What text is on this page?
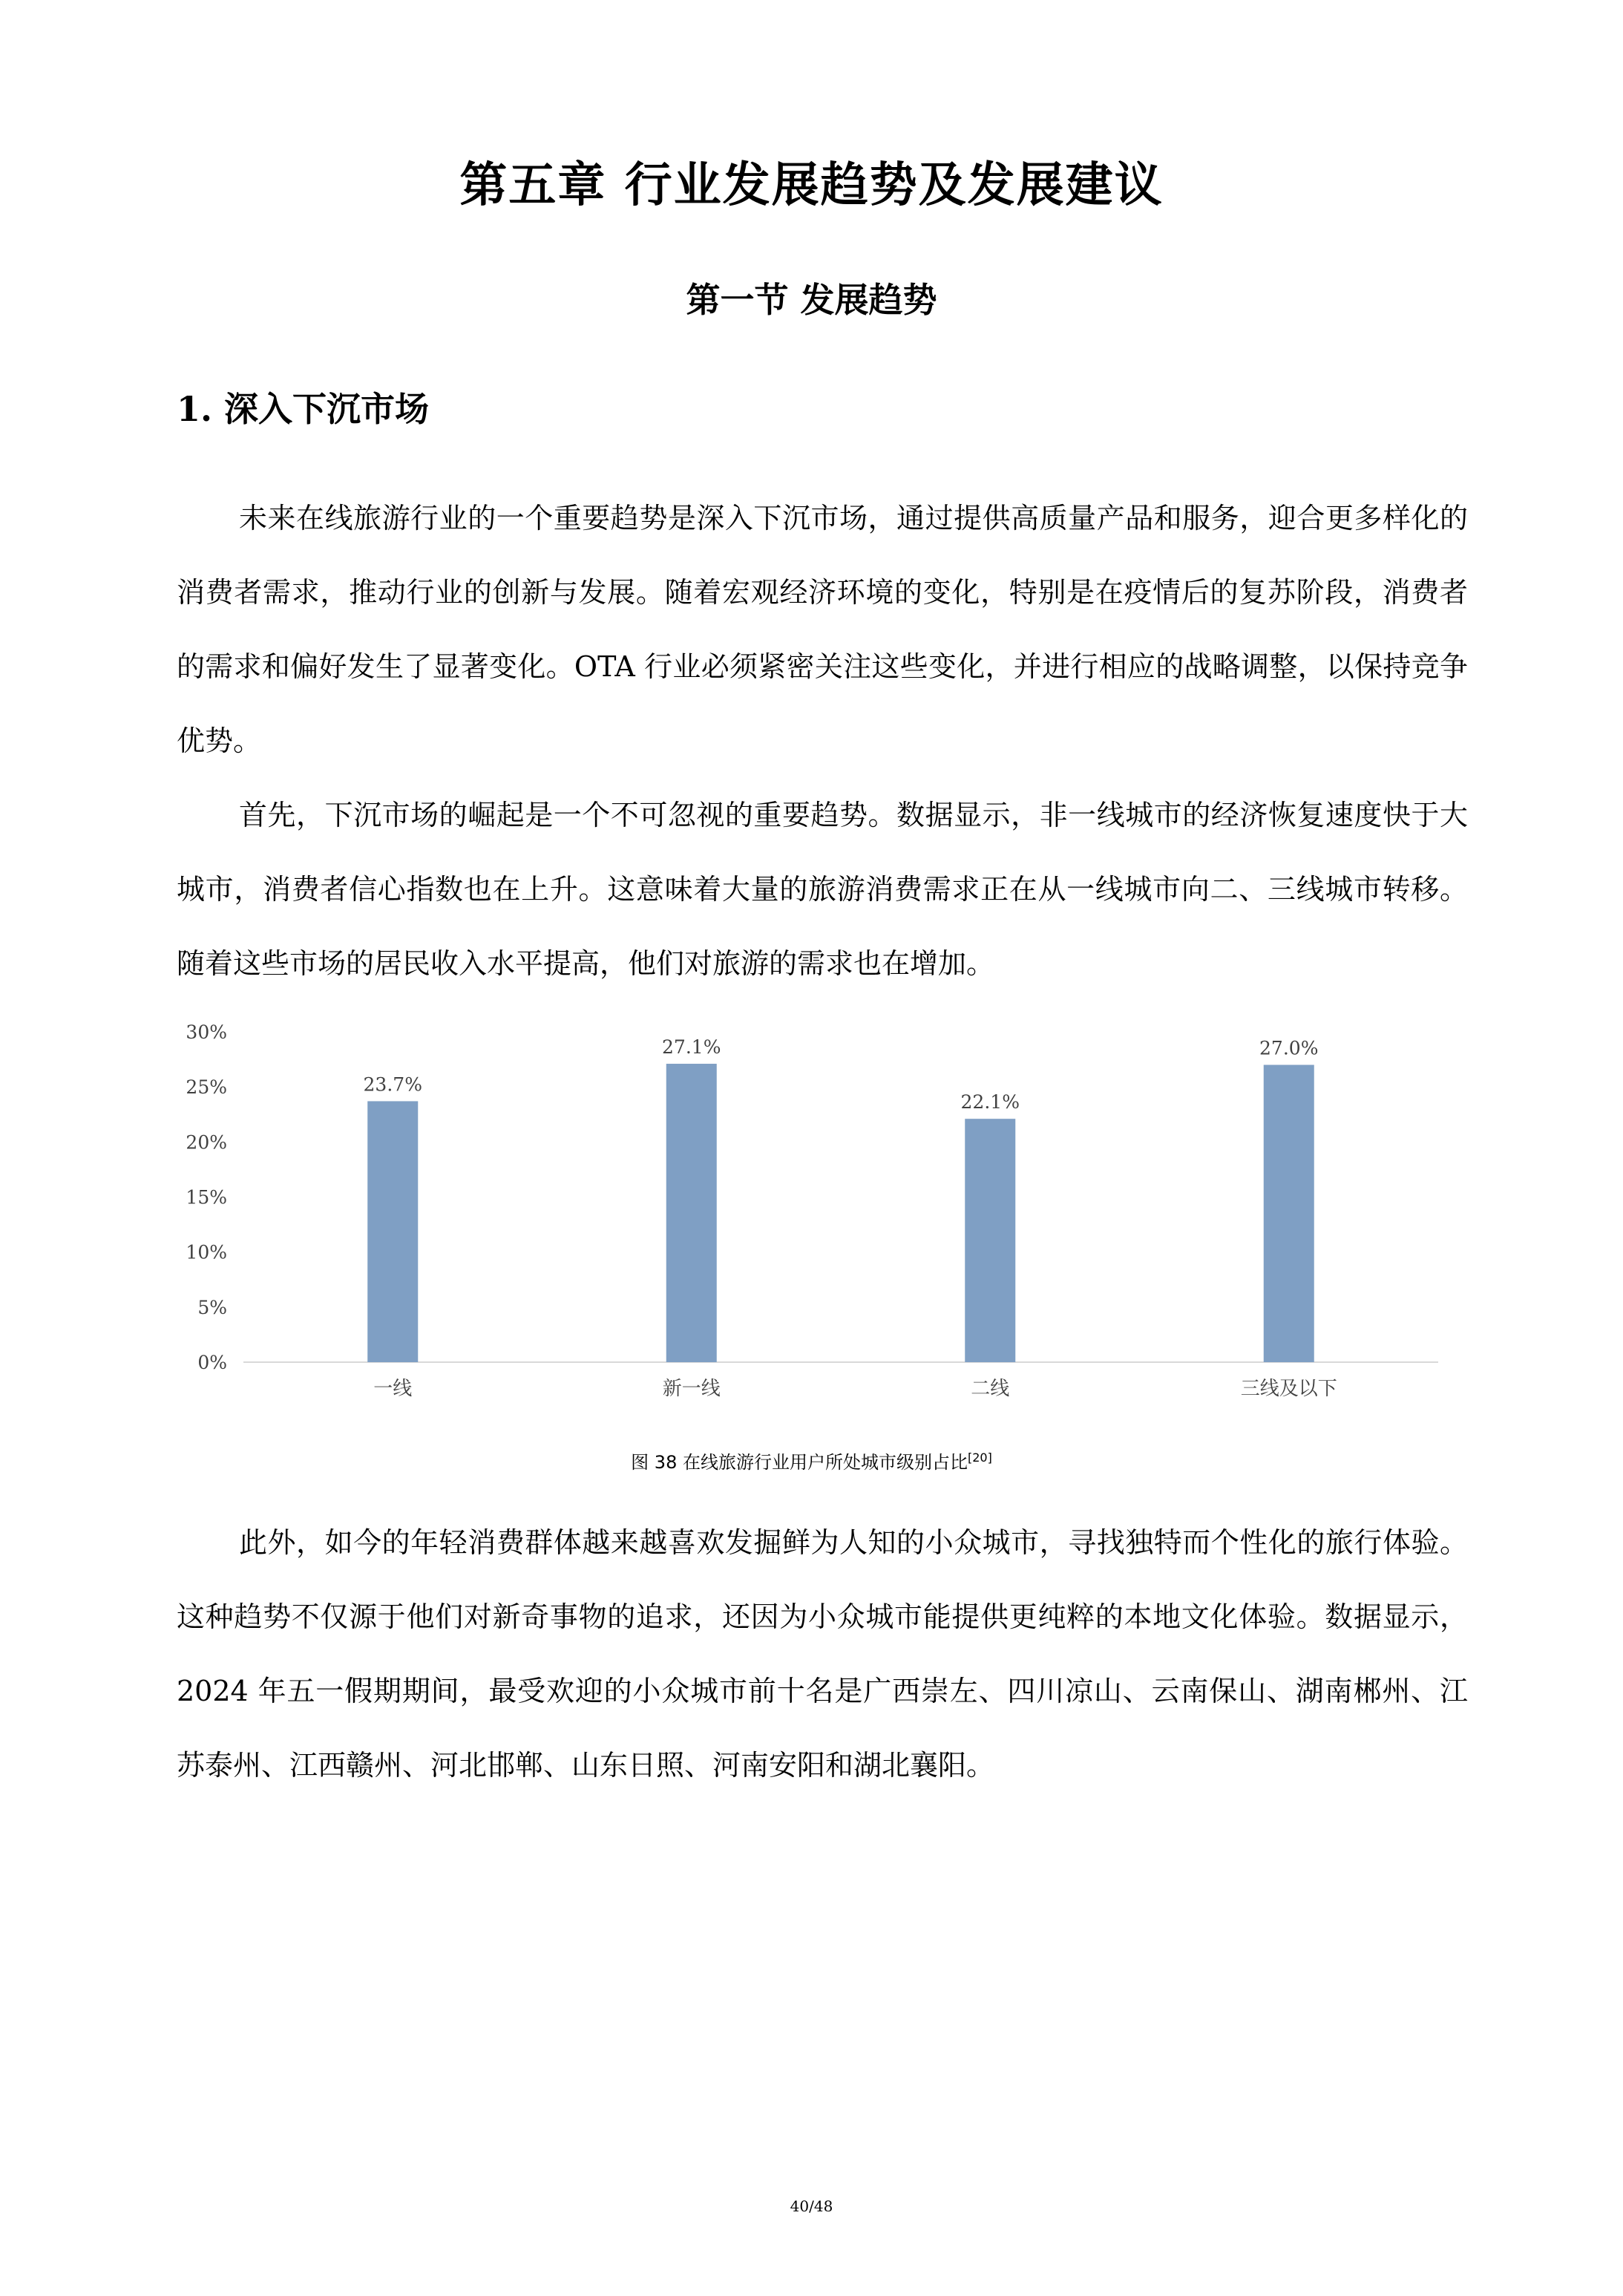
第五章 行业发展趋势及发展建议
第一节 发展趋势
1. 深入下沉市场

未来在线旅游行业的一个重要趋势是深入下沉市场，通过提供高质量产品和服务，迎合更多样化的消费者需求，推动行业的创新与发展。随着宏观经济环境的变化，特别是在疫情后的复苏阶段，消费者的需求和偏好发生了显著变化。OTA 行业必须紧密关注这些变化，并进行相应的战略调整，以保持竞争优势。

首先，下沉市场的崛起是一个不可忽视的重要趋势。数据显示，非一线城市的经济恢复速度快于大城市，消费者信心指数也在上升。这意味着大量的旅游消费需求正在从一线城市向二、三线城市转移。随着这些市场的居民收入水平提高，他们对旅游的需求也在增加。

0%
5%
10%
15%
20%
25%
30%
23.7%
一线
27.1%
新一线
22.1%
二线
27.0%
三线及以下
图 38 在线旅游行业用户所处城市级别占比[20]

此外，如今的年轻消费群体越来越喜欢发掘鲜为人知的小众城市，寻找独特而个性化的旅行体验。这种趋势不仅源于他们对新奇事物的追求，还因为小众城市能提供更纯粹的本地文化体验。数据显示，2024 年五一假期期间，最受欢迎的小众城市前十名是广西崇左、四川凉山、云南保山、湖南郴州、江苏泰州、江西赣州、河北邯郸、山东日照、河南安阳和湖北襄阳。

40/48
